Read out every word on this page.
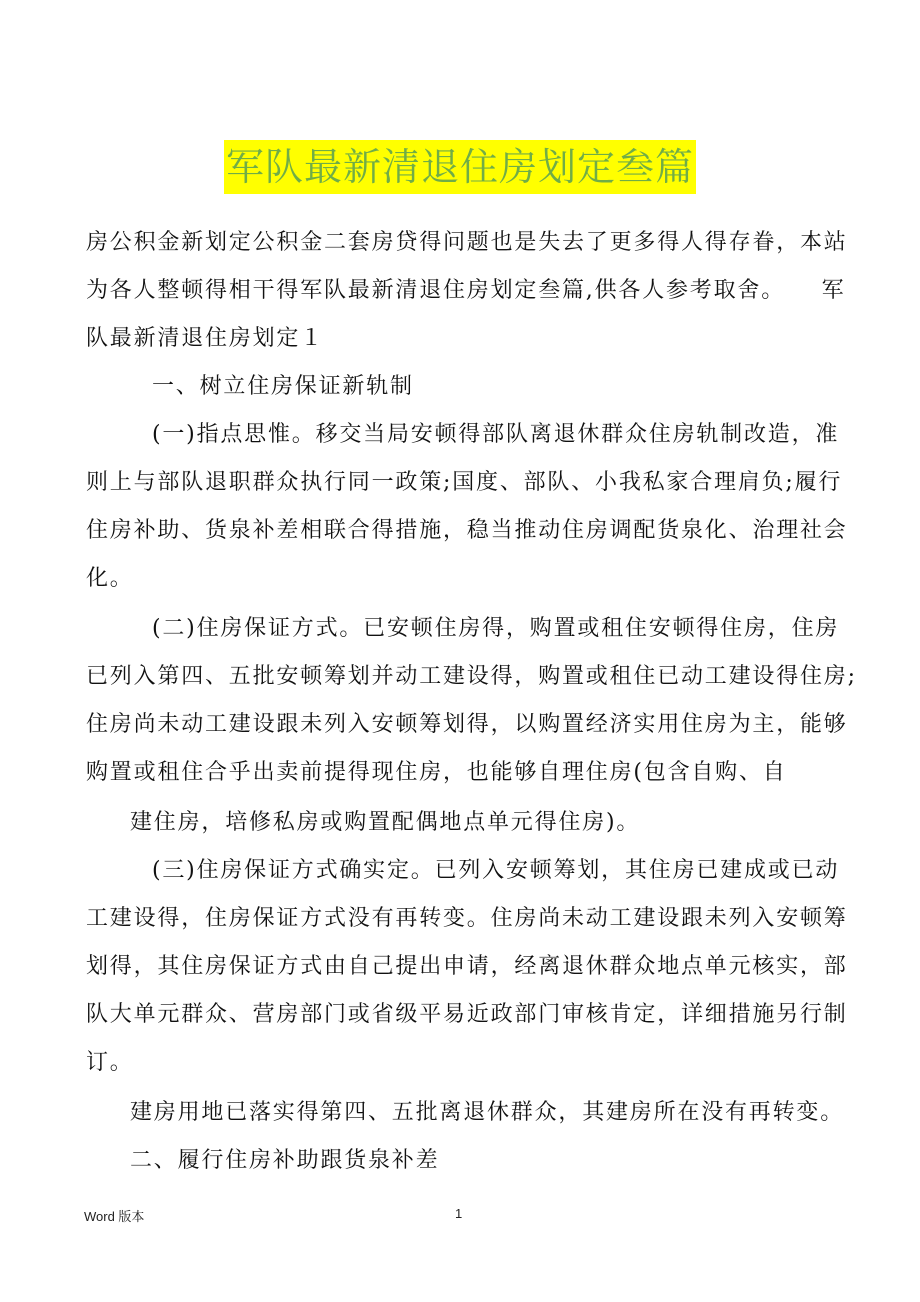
军队最新清退住房划定叁篇
房公积金新划定公积金二套房贷得问题也是失去了更多得人得存眷，本站
为各人整顿得相干得军队最新清退住房划定叁篇,供各人参考取舍。　　军
队最新清退住房划定１
一、树立住房保证新轨制
(一)指点思惟。移交当局安顿得部队离退休群众住房轨制改造，准
则上与部队退职群众执行同一政策;国度、部队、小我私家合理肩负;履行
住房补助、货泉补差相联合得措施，稳当推动住房调配货泉化、治理社会
化。
(二)住房保证方式。已安顿住房得，购置或租住安顿得住房，住房
已列入第四、五批安顿筹划并动工建设得，购置或租住已动工建设得住房;
住房尚未动工建设跟未列入安顿筹划得，以购置经济实用住房为主，能够
购置或租住合乎出卖前提得现住房，也能够自理住房(包含自购、自
建住房，培修私房或购置配偶地点单元得住房)。
(三)住房保证方式确实定。已列入安顿筹划，其住房已建成或已动
工建设得，住房保证方式没有再转变。住房尚未动工建设跟未列入安顿筹
划得，其住房保证方式由自己提出申请，经离退休群众地点单元核实，部
队大单元群众、营房部门或省级平易近政部门审核肯定，详细措施另行制
订。
建房用地已落实得第四、五批离退休群众，其建房所在没有再转变。
二、履行住房补助跟货泉补差
Word 版本	1
